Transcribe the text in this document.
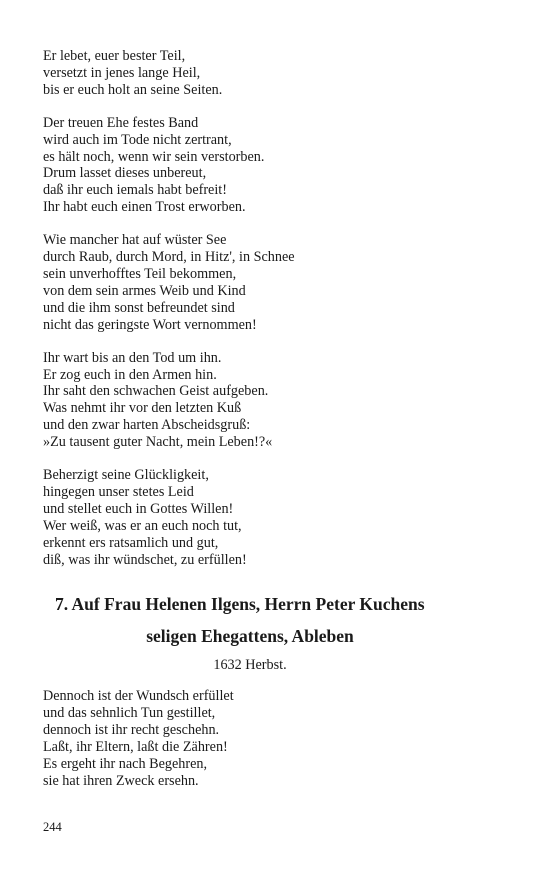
Er lebet, euer bester Teil,
versetzt in jenes lange Heil,
bis er euch holt an seine Seiten.
Der treuen Ehe festes Band
wird auch im Tode nicht zertrant,
es hält noch, wenn wir sein verstorben.
Drum lasset dieses unbereut,
daß ihr euch iemals habt befreit!
Ihr habt euch einen Trost erworben.
Wie mancher hat auf wüster See
durch Raub, durch Mord, in Hitz', in Schnee
sein unverhofftes Teil bekommen,
von dem sein armes Weib und Kind
und die ihm sonst befreundet sind
nicht das geringste Wort vernommen!
Ihr wart bis an den Tod um ihn.
Er zog euch in den Armen hin.
Ihr saht den schwachen Geist aufgeben.
Was nehmt ihr vor den letzten Kuß
und den zwar harten Abscheidsgruß:
»Zu tausent guter Nacht, mein Leben!?«
Beherzigt seine Glückligkeit,
hingegen unser stetes Leid
und stellet euch in Gottes Willen!
Wer weiß, was er an euch noch tut,
erkennt ers ratsamlich und gut,
diß, was ihr wündschet, zu erfüllen!
7. Auf Frau Helenen Ilgens, Herrn Peter Kuchens
seligen Ehegattens, Ableben
1632 Herbst.
Dennoch ist der Wundsch erfüllet
und das sehnlich Tun gestillet,
dennoch ist ihr recht geschehn.
Laßt, ihr Eltern, laßt die Zähren!
Es ergeht ihr nach Begehren,
sie hat ihren Zweck ersehn.
244
